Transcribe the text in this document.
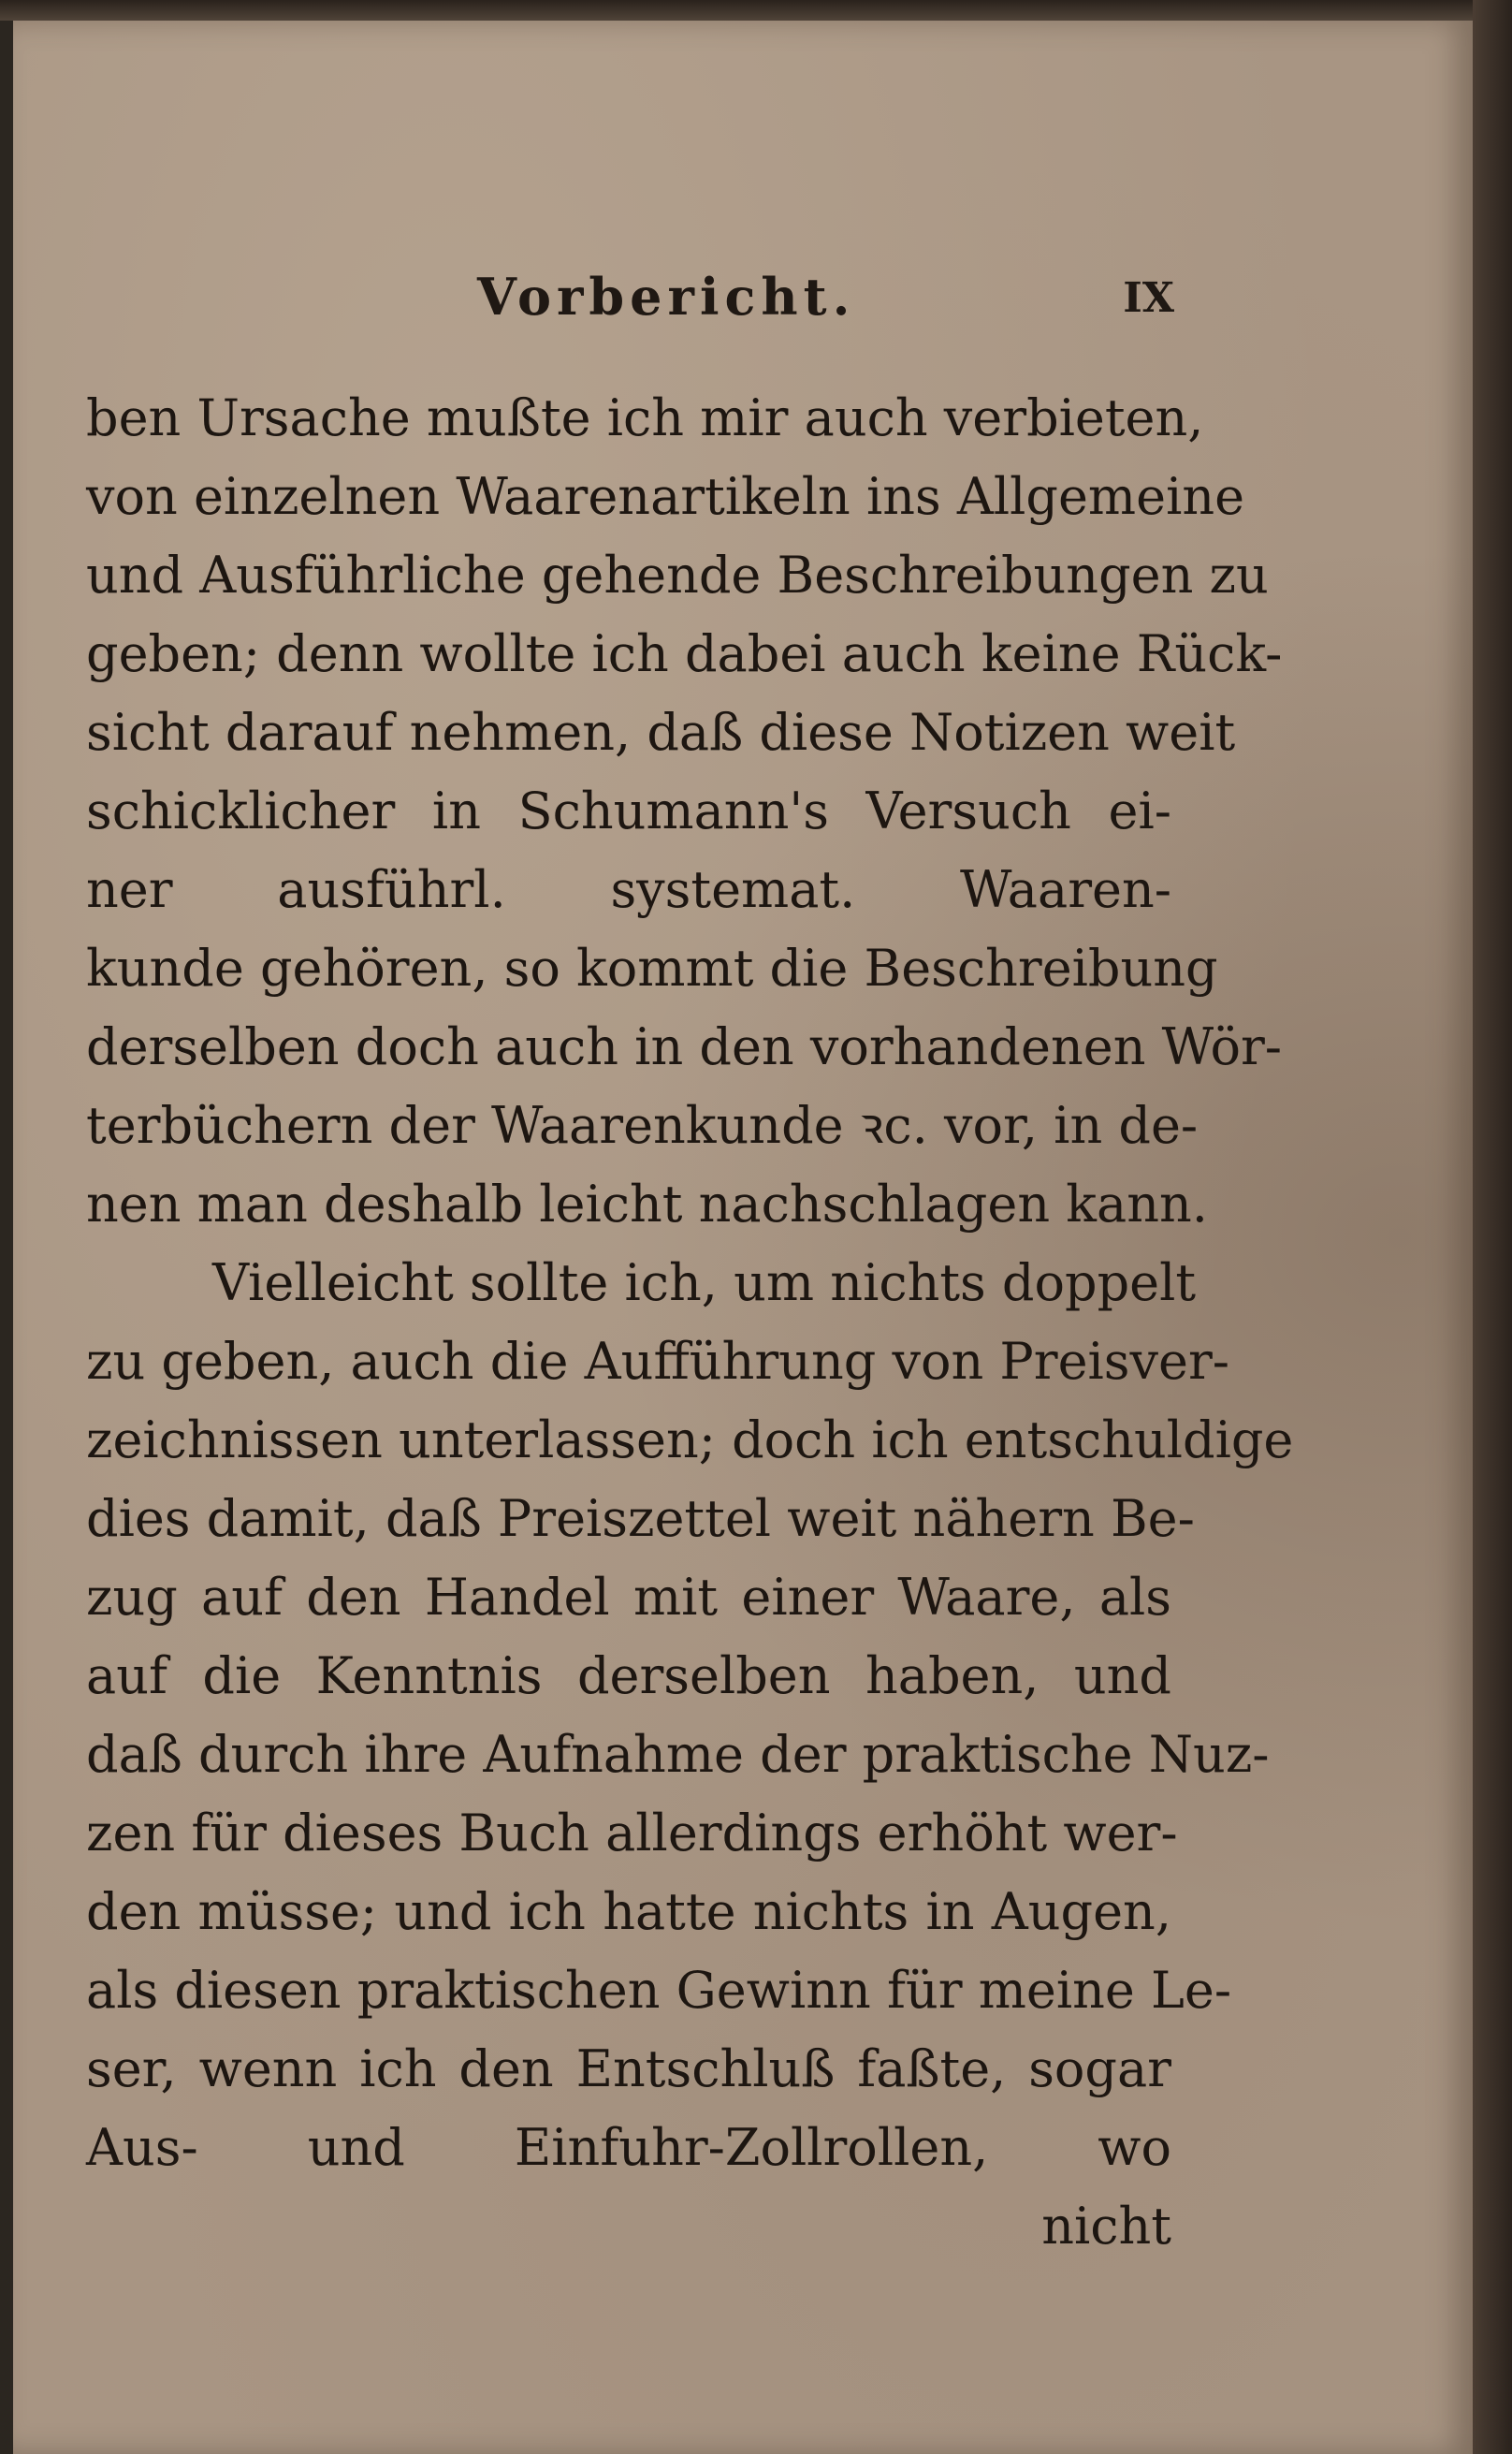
Vorbericht.	IX
ben Ursache mußte ich mir auch verbieten,
von einzelnen Waarenartikeln ins Allgemeine
und Ausführliche gehende Beschreibungen zu
geben; denn wollte ich dabei auch keine Rück-
sicht darauf nehmen, daß diese Notizen weit
schicklicher in Schumann's Versuch ei-
ner ausführl. systemat. Waaren-
kunde gehören, so kommt die Beschreibung
derselben doch auch in den vorhandenen Wör-
terbüchern der Waarenkunde ꝛc. vor, in de-
nen man deshalb leicht nachschlagen kann.
Vielleicht sollte ich, um nichts doppelt
zu geben, auch die Aufführung von Preisver-
zeichnissen unterlassen; doch ich entschuldige
dies damit, daß Preiszettel weit nähern Be-
zug auf den Handel mit einer Waare, als
auf die Kenntnis derselben haben, und
daß durch ihre Aufnahme der praktische Nuz-
zen für dieses Buch allerdings erhöht wer-
den müsse; und ich hatte nichts in Augen,
als diesen praktischen Gewinn für meine Le-
ser, wenn ich den Entschluß faßte, sogar
Aus- und Einfuhr-Zollrollen, wo
nicht
